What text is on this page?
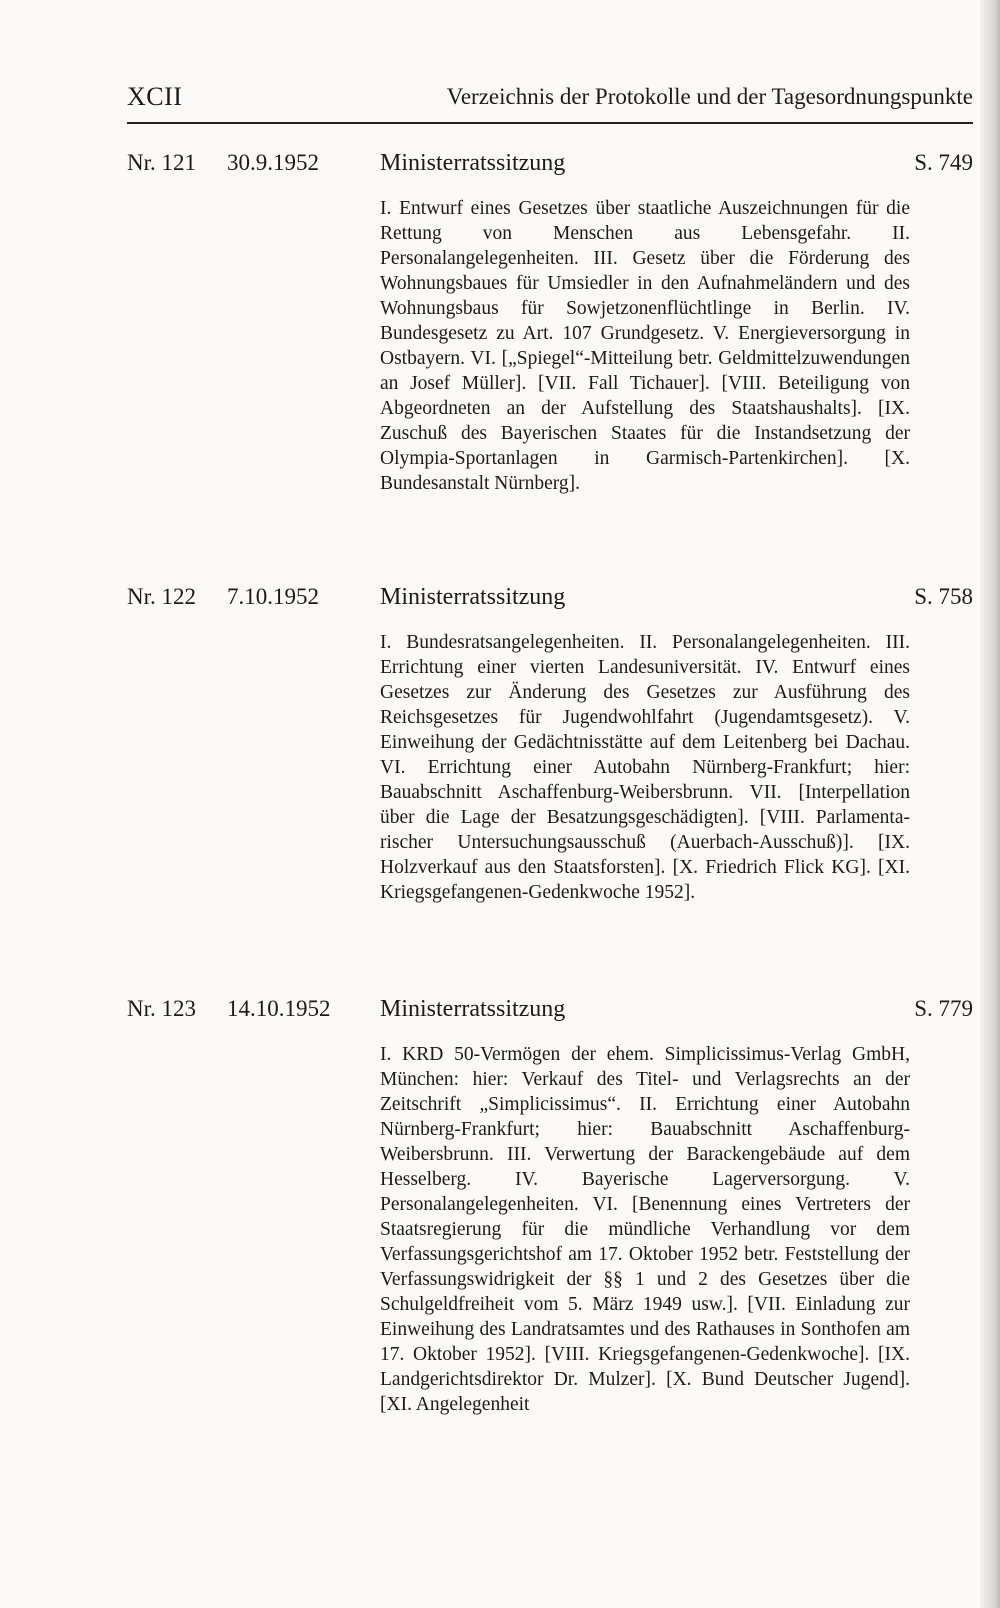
XCII	Verzeichnis der Protokolle und der Tagesordnungspunkte
Nr. 121 30.9.1952	Ministerratssitzung	S. 749
I. Entwurf eines Gesetzes über staatliche Auszeichnungen für die Rettung von Menschen aus Lebensgefahr. II. Personalangelegenheiten. III. Gesetz über die Förderung des Wohnungsbaues für Umsiedler in den Aufnahmeländern und des Wohnungsbaus für Sowjetzonenflüchtlinge in Berlin. IV. Bundesgesetz zu Art. 107 Grundgesetz. V. Energieversorgung in Ostbayern. VI. [„Spiegel“-Mitteilung betr. Geldmittelzuwendungen an Josef Müller]. [VII. Fall Tichauer]. [VIII. Beteiligung von Abgeordneten an der Aufstellung des Staatshaushalts]. [IX. Zuschuß des Bayerischen Staates für die Instandsetzung der Olympia-Sportanlagen in Garmisch-Partenkirchen]. [X. Bundesanstalt Nürnberg].
Nr. 122 7.10.1952	Ministerratssitzung	S. 758
I. Bundesratsangelegenheiten. II. Personalangelegenheiten. III. Errichtung einer vierten Landesuniversität. IV. Entwurf eines Gesetzes zur Änderung des Gesetzes zur Ausführung des Reichsgesetzes für Jugendwohlfahrt (Jugendamtsgesetz). V. Einweihung der Gedächtnisstätte auf dem Leitenberg bei Dachau. VI. Errichtung einer Autobahn Nürnberg-Frankfurt; hier: Bauabschnitt Aschaffenburg-Weibersbrunn. VII. [Interpellation über die Lage der Besatzungsgeschädigten]. [VIII. Parlamentarischer Untersuchungsausschuß (Auerbach-Ausschuß)]. [IX. Holzverkauf aus den Staatsforsten]. [X. Friedrich Flick KG]. [XI. Kriegsgefangenen-Gedenkwoche 1952].
Nr. 123 14.10.1952 Ministerratssitzung	S. 779
I. KRD 50-Vermögen der ehem. Simplicissimus-Verlag GmbH, München: hier: Verkauf des Titel- und Verlagsrechts an der Zeitschrift „Simplicissimus“. II. Errichtung einer Autobahn Nürnberg-Frankfurt; hier: Bauabschnitt Aschaffenburg-Weibersbrunn. III. Verwertung der Barackengebäude auf dem Hesselberg. IV. Bayerische Lagerversorgung. V. Personalangelegenheiten. VI. [Benennung eines Vertreters der Staatsregierung für die mündliche Verhandlung vor dem Verfassungsgerichtshof am 17. Oktober 1952 betr. Feststellung der Verfassungswidrigkeit der §§ 1 und 2 des Gesetzes über die Schulgeldfreiheit vom 5. März 1949 usw.]. [VII. Einladung zur Einweihung des Landratsamtes und des Rathauses in Sonthofen am 17. Oktober 1952]. [VIII. Kriegsgefangenen-Gedenkwoche]. [IX. Landgerichtsdirektor Dr. Mulzer]. [X. Bund Deutscher Jugend]. [XI. Angelegenheit
